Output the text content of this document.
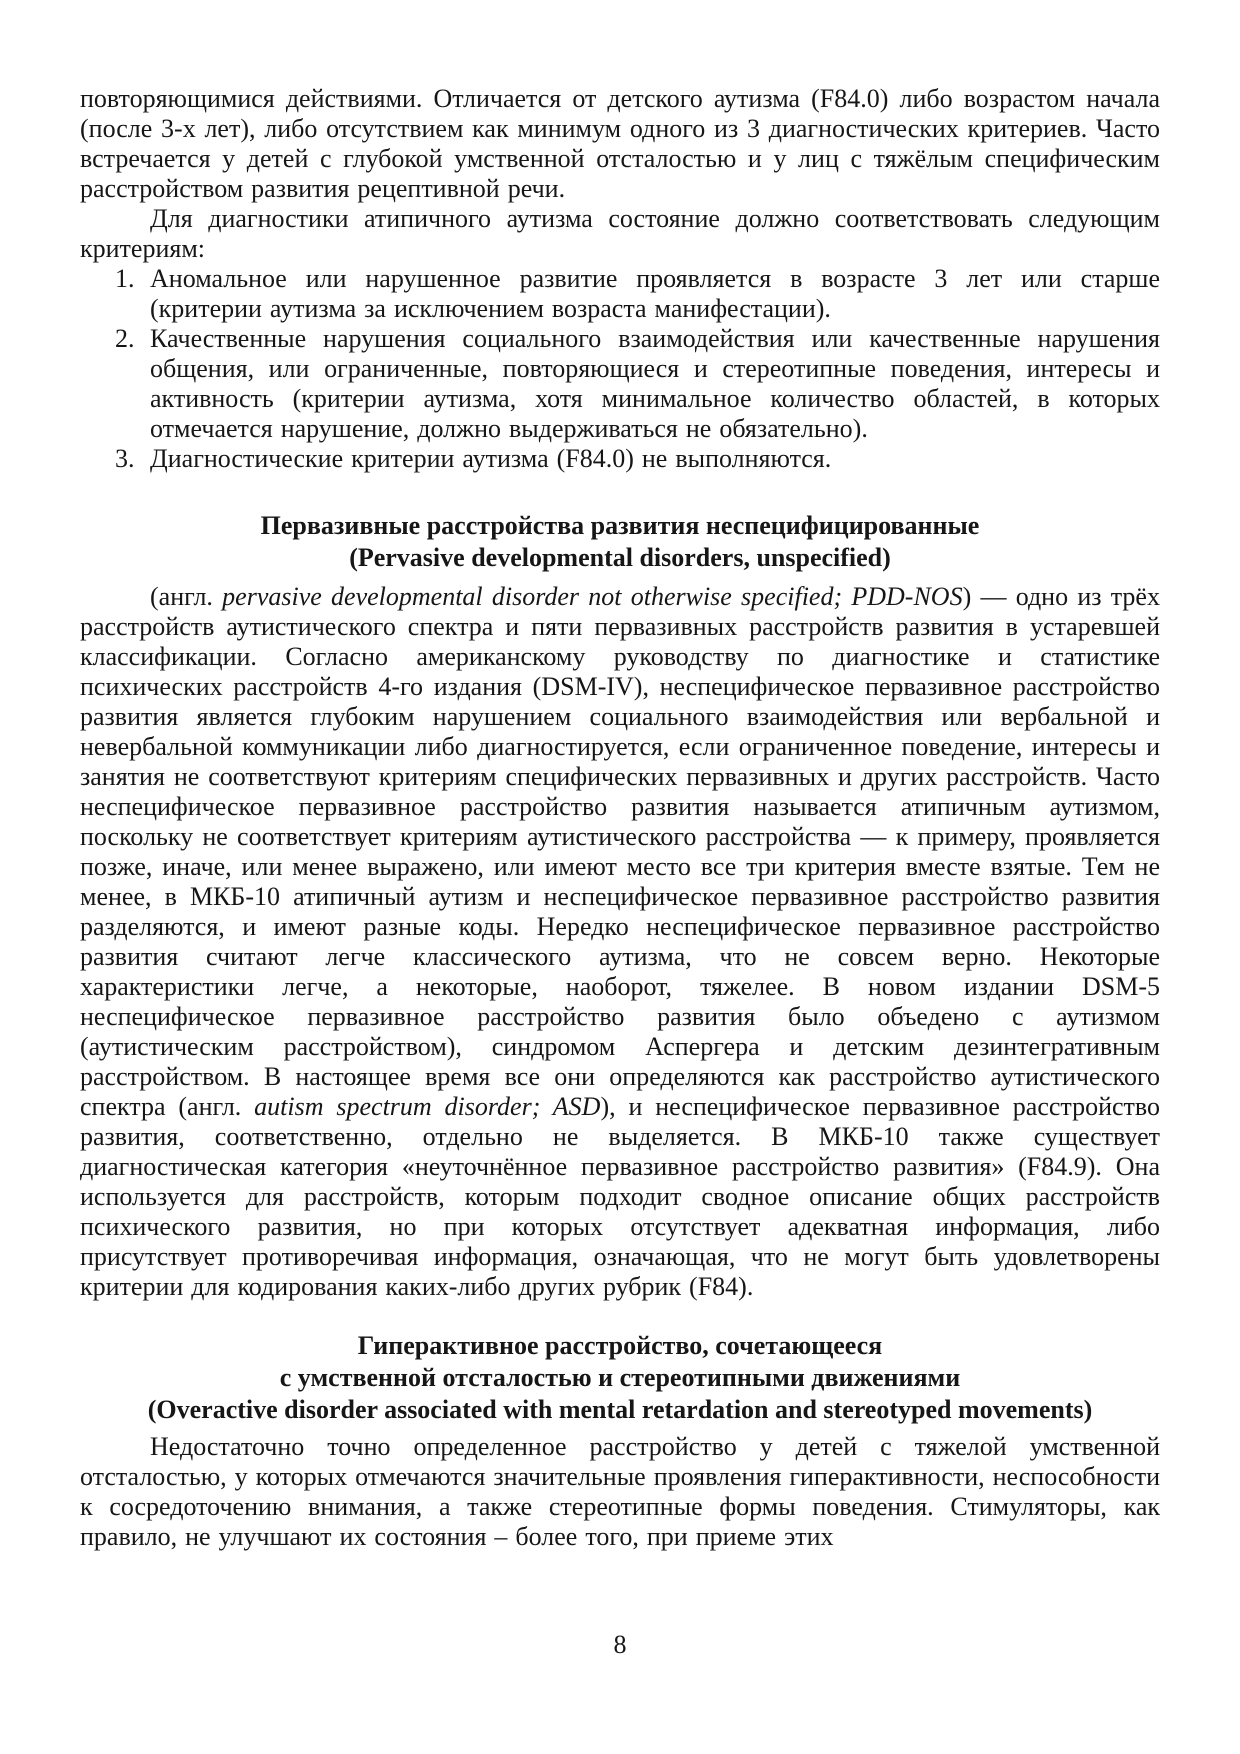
повторяющимися действиями. Отличается от детского аутизма (F84.0) либо возрастом начала (после 3-х лет), либо отсутствием как минимум одного из 3 диагностических критериев. Часто встречается у детей с глубокой умственной отсталостью и у лиц с тяжёлым специфическим расстройством развития рецептивной речи.

Для диагностики атипичного аутизма состояние должно соответствовать следующим критериям:

1. Аномальное или нарушенное развитие проявляется в возрасте 3 лет или старше (критерии аутизма за исключением возраста манифестации).
2. Качественные нарушения социального взаимодействия или качественные нарушения общения, или ограниченные, повторяющиеся и стереотипные поведения, интересы и активность (критерии аутизма, хотя минимальное количество областей, в которых отмечается нарушение, должно выдерживаться не обязательно).
3. Диагностические критерии аутизма (F84.0) не выполняются.
Первазивные расстройства развития неспецифицированные
(Pervasive developmental disorders, unspecified)

(англ. pervasive developmental disorder not otherwise specified; PDD-NOS) — одно из трёх расстройств аутистического спектра и пяти первазивных расстройств развития в устаревшей классификации. Согласно американскому руководству по диагностике и статистике психических расстройств 4-го издания (DSM-IV), неспецифическое первазивное расстройство развития является глубоким нарушением социального взаимодействия или вербальной и невербальной коммуникации либо диагностируется, если ограниченное поведение, интересы и занятия не соответствуют критериям специфических первазивных и других расстройств. Часто неспецифическое первазивное расстройство развития называется атипичным аутизмом, поскольку не соответствует критериям аутистического расстройства — к примеру, проявляется позже, иначе, или менее выражено, или имеют место все три критерия вместе взятые. Тем не менее, в МКБ-10 атипичный аутизм и неспецифическое первазивное расстройство развития разделяются, и имеют разные коды. Нередко неспецифическое первазивное расстройство развития считают легче классического аутизма, что не совсем верно. Некоторые характеристики легче, а некоторые, наоборот, тяжелее. В новом издании DSM-5 неспецифическое первазивное расстройство развития было объедено с аутизмом (аутистическим расстройством), синдромом Аспергера и детским дезинтегративным расстройством. В настоящее время все они определяются как расстройство аутистического спектра (англ. autism spectrum disorder; ASD), и неспецифическое первазивное расстройство развития, соответственно, отдельно не выделяется. В МКБ-10 также существует диагностическая категория «неуточнённое первазивное расстройство развития» (F84.9). Она используется для расстройств, которым подходит сводное описание общих расстройств психического развития, но при которых отсутствует адекватная информация, либо присутствует противоречивая информация, означающая, что не могут быть удовлетворены критерии для кодирования каких-либо других рубрик (F84).

Гиперактивное расстройство, сочетающееся
с умственной отсталостью и стереотипными движениями
(Overactive disorder associated with mental retardation and stereotyped movements)

Недостаточно точно определенное расстройство у детей с тяжелой умственной отсталостью, у которых отмечаются значительные проявления гиперактивности, неспособности к сосредоточению внимания, а также стереотипные формы поведения. Стимуляторы, как правило, не улучшают их состояния – более того, при приеме этих

8
